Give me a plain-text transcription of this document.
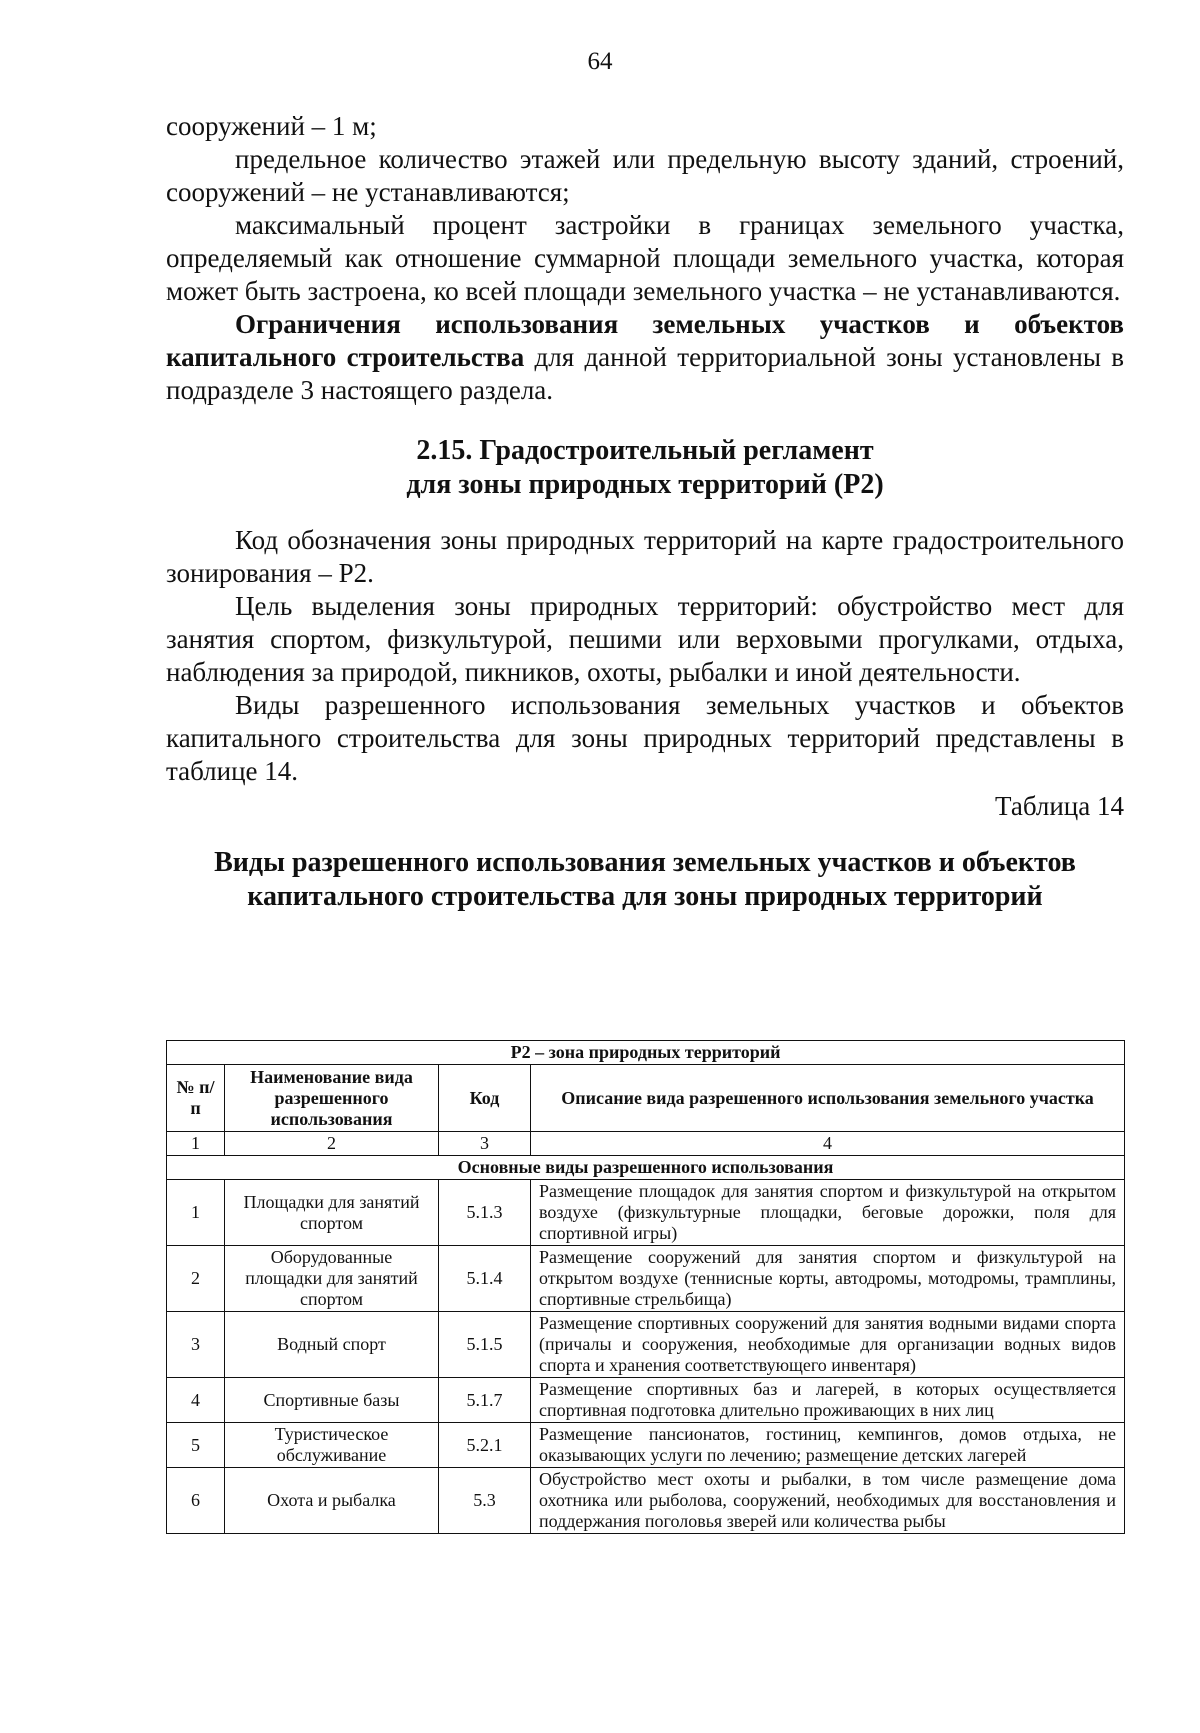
64

сооружений – 1 м;

предельное количество этажей или предельную высоту зданий, строений, сооружений – не устанавливаются;

максимальный процент застройки в границах земельного участка, определяемый как отношение суммарной площади земельного участка, которая может быть застроена, ко всей площади земельного участка – не устанавливаются.

Ограничения использования земельных участков и объектов капитального строительства для данной территориальной зоны установлены в подразделе 3 настоящего раздела.

2.15. Градостроительный регламент
для зоны природных территорий (Р2)

Код обозначения зоны природных территорий на карте градостроительного зонирования – Р2.

Цель выделения зоны природных территорий: обустройство мест для занятия спортом, физкультурой, пешими или верховыми прогулками, отдыха, наблюдения за природой, пикников, охоты, рыбалки и иной деятельности.

Виды разрешенного использования земельных участков и объектов капитального строительства для зоны природных территорий представлены в таблице 14.

Таблица 14

Виды разрешенного использования земельных участков и объектов
капитального строительства для зоны природных территорий
Р2 – зона природных территорий			
№ п/п	Наименование вида разрешенного использования	Код	Описание вида разрешенного использования земельного участка
1	2	3	4
Основные виды разрешенного использования			
1	Площадки для занятий спортом	5.1.3	Размещение площадок для занятия спортом и физкультурой на открытом воздухе (физкультурные площадки, беговые дорожки, поля для спортивной игры)
2	Оборудованные площадки для занятий спортом	5.1.4	Размещение сооружений для занятия спортом и физкультурой на открытом воздухе (теннисные корты, автодромы, мотодромы, трамплины, спортивные стрельбища)
3	Водный спорт	5.1.5	Размещение спортивных сооружений для занятия водными видами спорта (причалы и сооружения, необходимые для организации водных видов спорта и хранения соответствующего инвентаря)
4	Спортивные базы	5.1.7	Размещение спортивных баз и лагерей, в которых осуществляется спортивная подготовка длительно проживающих в них лиц
5	Туристическое обслуживание	5.2.1	Размещение пансионатов, гостиниц, кемпингов, домов отдыха, не оказывающих услуги по лечению; размещение детских лагерей
6	Охота и рыбалка	5.3	Обустройство мест охоты и рыбалки, в том числе размещение дома охотника или рыболова, сооружений, необходимых для восстановления и поддержания поголовья зверей или количества рыбы
